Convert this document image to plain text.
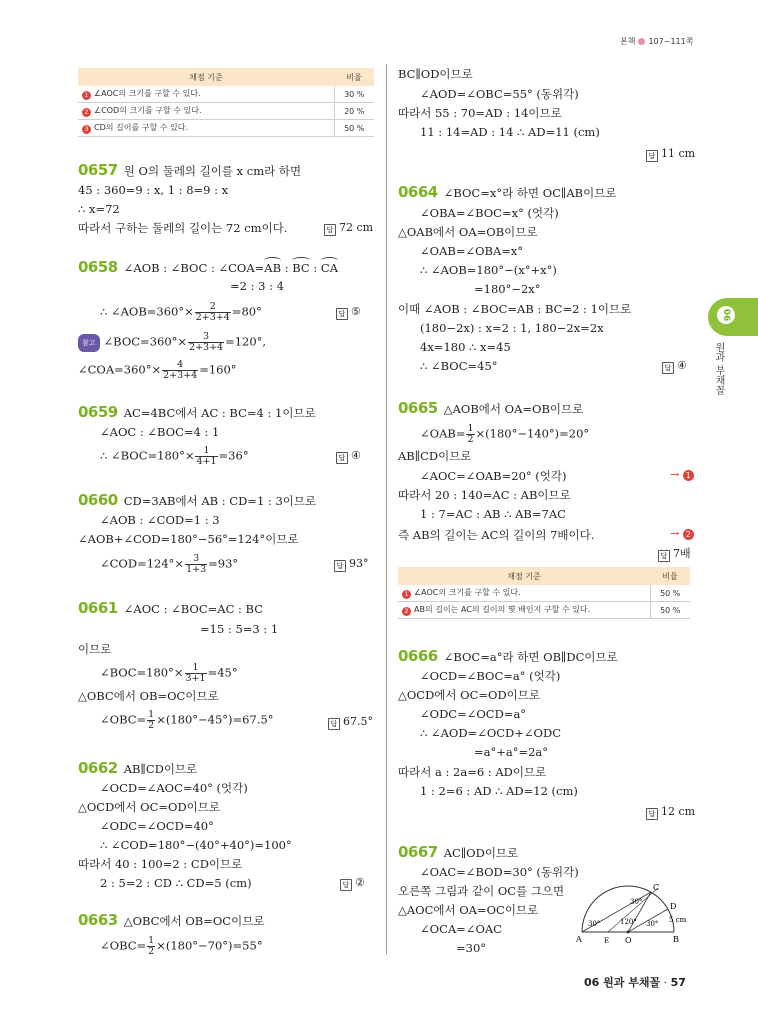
본책 107~111쪽
06
원과 부채꼴
채점 기준	비율
1 ∠AOC의 크기를 구할 수 있다.	30 %
2 ∠COD의 크기를 구할 수 있다.	20 %
3 CD의 길이를 구할 수 있다.	50 %
0657 원 O의 둘레의 길이를 x cm라 하면
45 : 360=9 : x, 1 : 8=9 : x
∴ x=72
따라서 구하는 둘레의 길이는 72 cm이다.	답 72 cm
0658 ∠AOB : ∠BOC : ∠COA=AB : BC : CA
=2 : 3 : 4
∴ ∠AOB=360°× $\frac{2}{2+3+4} =80^\circ$	답 ⑤
참고 ∠BOC=360°× $\frac{3}{2+3+4} =120^\circ$,
∠COA=360°× $\frac{4}{2+3+4} =160^\circ$
0659 AC=4BC에서 AC : BC=4 : 1이므로
∠AOC : ∠BOC=4 : 1
∴ ∠BOC=180°× $\frac{1}{4+1} =36^\circ$	답 ④
0660 CD=3AB에서 AB : CD=1 : 3이므로
∠AOB : ∠COD=1 : 3
∠AOB+∠COD=180°−56°=124°이므로
∠COD=124°× $\frac{3}{1+3} =93^\circ$	답 93°
0661 ∠AOC : ∠BOC=AC : BC
=15 : 5=3 : 1
이므로
∠BOC=180°× $\frac{1}{3+1} =45^\circ$
△OBC에서 OB=OC이므로
∠OBC= $\frac{1}{2} \times(180^\circ-45^\circ)=67.5^\circ$	답 67.5°
0662 AB∥CD이므로
∠OCD=∠AOC=40° (엇각)
△OCD에서 OC=OD이므로
∠ODC=∠OCD=40°
∴ ∠COD=180°−(40°+40°)=100°
따라서 40 : 100=2 : CD이므로
2 : 5=2 : CD ∴ CD=5 (cm)	답 ②
0663 △OBC에서 OB=OC이므로
∠OBC= $\frac{1}{2} \times(180^\circ-70^\circ)=55^\circ$
BC∥OD이므로
∠AOD=∠OBC=55° (동위각)
따라서 55 : 70=AD : 14이므로
11 : 14=AD : 14 ∴ AD=11 (cm)
답 11 cm
0664 ∠BOC=x°라 하면 OC∥AB이므로
∠OBA=∠BOC=x° (엇각)
△OAB에서 OA=OB이므로
∠OAB=∠OBA=x°
∴ ∠AOB=180°−(x°+x°)
=180°−2x°
이때 ∠AOB : ∠BOC=AB : BC=2 : 1이므로
(180−2x) : x=2 : 1, 180−2x=2x
4x=180 ∴ x=45
∴ ∠BOC=45°	답 ④
0665 △AOB에서 OA=OB이므로
∠OAB= $\frac{1}{2} \times(180^\circ-140^\circ)=20^\circ$
AB∥CD이므로
∠AOC=∠OAB=20° (엇각)	→ 1
따라서 20 : 140=AC : AB이므로
1 : 7=AC : AB ∴ AB=7AC
즉 AB의 길이는 AC의 길이의 7배이다.	→ 2
답 7배
채점 기준	비율
1 ∠AOC의 크기를 구할 수 있다.	50 %
2 AB의 길이는 AC의 길이의 몇 배인지 구할 수 있다.	50 %
0666 ∠BOC=a°라 하면 OB∥DC이므로
∠OCD=∠BOC=a° (엇각)
△OCD에서 OC=OD이므로
∠ODC=∠OCD=a°
∴ ∠AOD=∠OCD+∠ODC
=a°+a°=2a°
따라서 a : 2a=6 : AD이므로
1 : 2=6 : AD ∴ AD=12 (cm)
답 12 cm
0667 AC∥OD이므로
∠OAC=∠BOD=30° (동위각)
오른쪽 그림과 같이 OC를 그으면
△AOC에서 OA=OC이므로
∠OCA=∠OAC
=30°
A	O	B
C
D
E
30°
30°	120° 30° 5 cm
06 원과 부채꼴 · 57
